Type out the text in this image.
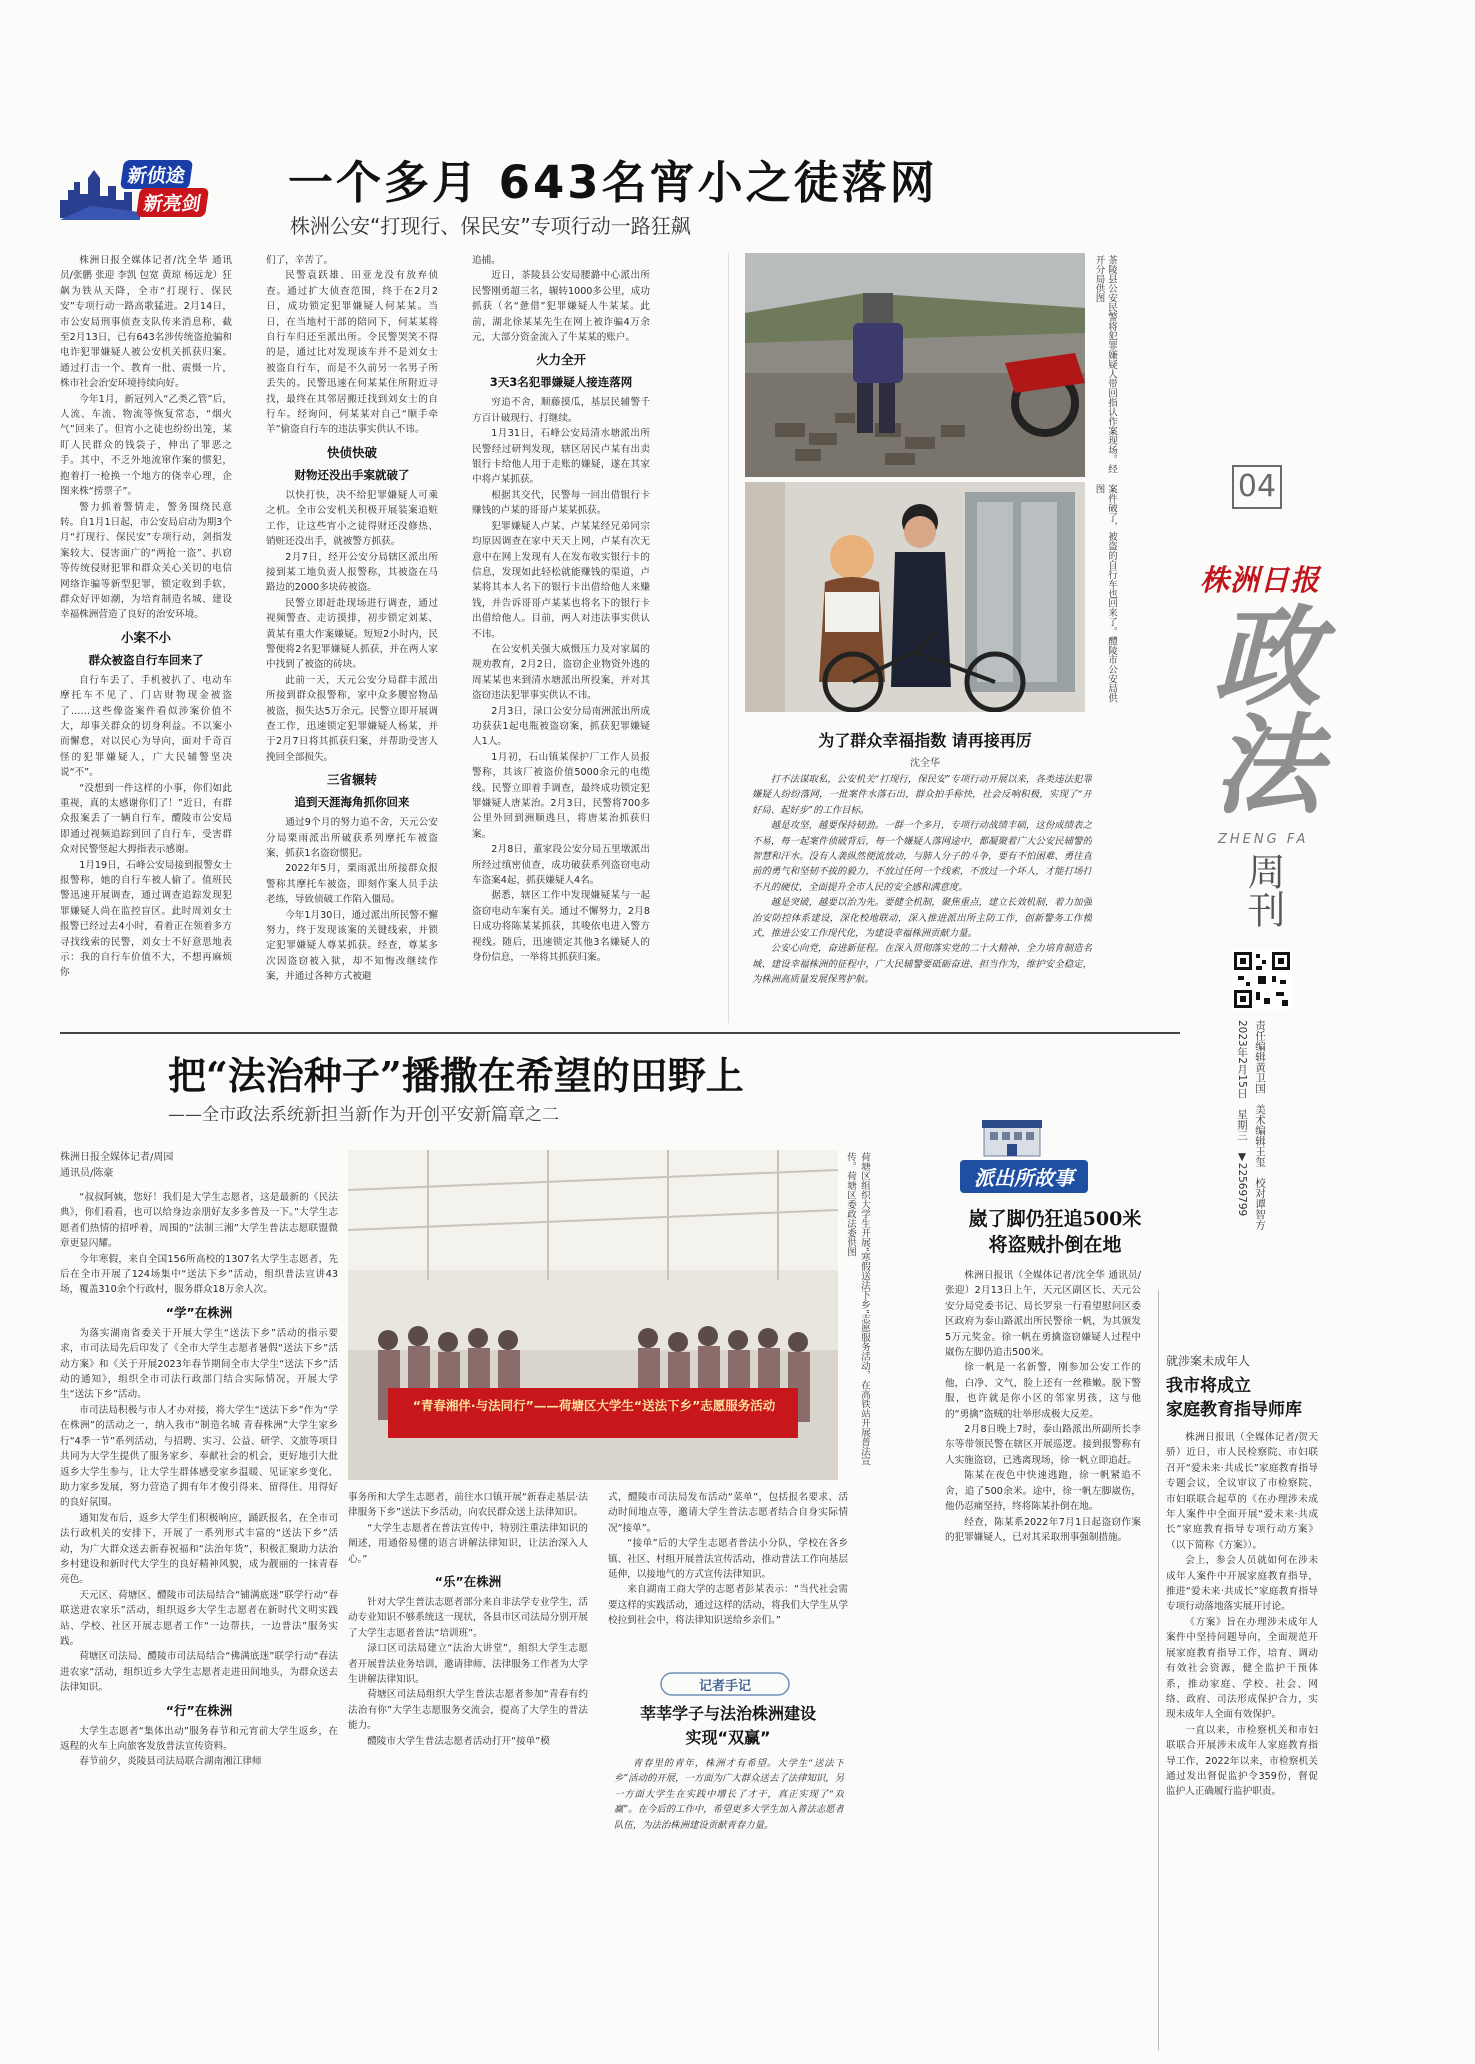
新侦途
新亮剑 一个多月 643名宵小之徒落网
株洲公安“打现行、保民安”专项行动一路狂飙

株洲日报全媒体记者/沈全华 通讯员/张鹏 张迎 李凯 包宽 黄琼 杨远龙）狂飙为铁从天降，全市“打现行、保民安”专项行动一路高歌猛进。2月14日，市公安局刑事侦查支队传来消息称，截至2月13日，已有643名涉传统盗抢骗和电诈犯罪嫌疑人被公安机关抓获归案。通过打击一个、教育一批、震慑一片，株市社会治安环境持续向好。

今年1月，新冠列入“乙类乙管”后，人流、车流、物流等恢复常态，“烟火气”回来了。但宵小之徒也纷纷出笼，某盯人民群众的钱袋子，伸出了罪恶之手。其中，不乏外地流窜作案的惯犯，抱着打一枪换一个地方的侥幸心理，企图来株“捞票子”。

警力抓着警情走，警务围绕民意转。自1月1日起，市公安局启动为期3个月“打现行、保民安”专项行动，剑指发案较大、侵害面广的“两抢一盗”、扒窃等传统侵财犯罪和群众关心关切的电信网络诈骗等新型犯罪，锁定收到手软，群众好评如潮，为培育制造名城、建设幸福株洲营造了良好的治安环境。

小案不小
群众被盗自行车回来了

自行车丢了、手机被扒了、电动车摩托车不见了、门店财物现金被盗了……这些像盗案件看似涉案价值不大，却事关群众的切身利益。不以案小而懈怠，对以民心为导向，面对千奇百怪的犯罪嫌疑人，广大民辅警坚决说“不”。

“没想到一件这样的小事，你们如此重视，真的太感谢你们了！”近日，有群众报案丢了一辆自行车，醴陵市公安局即通过视频追踪到回了自行车，受害群众对民警竖起大拇指表示感谢。

1月19日，石峰公安局接到报警女士报警称，她的自行车被人偷了。值班民警迅速开展调查，通过调查追踪发现犯罪嫌疑人尚在监控盲区。此时周刘女士报警已经过去4小时，看着正在领着多方寻找线索的民警，刘女士不好意思地表示：我的自行车价值不大，不想再麻烦你

们了，辛苦了。

民警袁跃雄、田亚龙没有放弃侦查。通过扩大侦查范围，终于在2月2日，成功锁定犯罪嫌疑人何某某。当日，在当地村干部的陪同下，何某某将自行车归还至派出所。令民警哭笑不得的是，通过比对发现该车并不是刘女士被盗自行车，而是不久前另一名男子所丢失的。民警迅速在何某某住所附近寻找，最终在其邻居搬迁找到刘女士的自行车。经询问，何某某对自己“顺手牵羊”偷盗自行车的违法事实供认不讳。

快侦快破
财物还没出手案就破了

以快打快，决不给犯罪嫌疑人可乘之机。全市公安机关积极开展装案追赃工作，让这些宵小之徒得财还没修热、销赃还没出手，就被警方抓获。

2月7日，经开公安分局辖区派出所接到某工地负责人报警称，其被盗在马路边的2000多块砖被盗。

民警立即赶赴现场进行调查，通过视频警查、走访摸排，初步锁定刘某、黄某有重大作案嫌疑。短短2小时内，民警便将2名犯罪嫌疑人抓获，并在两人家中找到了被盗的砖块。

此前一天，天元公安分局群丰派出所接到群众报警称，家中众多腰窑物品被盗，损失达5万余元。民警立即开展调查工作，迅速锁定犯罪嫌疑人杨某，并于2月7日将其抓获归案，并帮助受害人挽回全部损失。

三省辗转
追到天涯海角抓你回来

通过9个月的努力追不舍，天元公安分局栗雨派出所破获系列摩托车被盗案，抓获1名盗窃惯犯。

2022年5月，栗雨派出所接群众报警称其摩托车被盗，即刻作案人员手法老练，导致侦破工作陷入僵局。

今年1月30日，通过派出所民警不懈努力，终于发现该案的关键线索，并锁定犯罪嫌疑人尊某抓获。经查，尊某多次因盗窃被入狱，却不知悔改继续作案，并通过各种方式被避

追捕。

近日，茶陵县公安局腰潞中心派出所民警刚勇超三名，辗转1000多公里，成功抓获（名“惫借”犯罪嫌疑人牛某某。此前，湖北徐某某先生在网上被诈骗4万余元，大部分资金流入了牛某某的账户。

火力全开
3天3名犯罪嫌疑人接连落网

穷追不舍，顺藤摸瓜，基层民辅警千方百计破现行、打继续。

1月31日，石峰公安局清水塘派出所民警经过研判发现，辖区居民卢某有出卖银行卡给他人用于走账的嫌疑，遂在其家中将卢某抓获。

根据其交代，民警每一回出借银行卡赚钱的卢某的哥哥卢某某抓获。

犯罪嫌疑人卢某、卢某某经兄弟同宗均原因调查在家中天天上网，卢某有次无意中在网上发现有人在发布收实银行卡的信息，发现如此轻松就能赚钱的渠道，卢某将其本人名下的银行卡出借给他人来赚钱，并告诉哥哥卢某某也将名下的银行卡出借给他人。目前，两人对违法事实供认不讳。

在公安机关强大威慑压力及对家属的规劝教育，2月2日，盗窃企业物资外逃的周某某也来到清水塘派出所投案，并对其盗窃违法犯罪事实供认不讳。

2月3日，渌口公安分局南洲派出所成功获获1起电瓶被盗窃案，抓获犯罪嫌疑人1人。

1月初，石山镇某保护厂工作人员报警称，其该厂被盗价值5000余元的电缆线。民警立即着手调查，最终成功锁定犯罪嫌疑人唐某治。2月3日，民警将700多公里外回到洲顺逃旦，将唐某治抓获归案。

2月8日，董家段公安分局五里墩派出所经过缜密侦查，成功破获系列盗窃电动车盗案4起，抓获嫌疑人4名。

据悉，辖区工作中发现嫌疑某与一起盗窃电动车案有关。通过不懈努力，2月8日成功将陈某某抓获，其唆依电进入警方视线。随后，迅速锁定其他3名嫌疑人的身份信息，一举将其抓获归案。

茶陵县公安民警将犯罪嫌疑人带回指认作案现场。经开分局供图
案件破了，被盗的自行车也回来了。醴陵市公安局供图
为了群众幸福指数 请再接再厉
沈全华

打不法谋取私，公安机关“打现行，保民安”专项行动开展以来，各类违法犯罪嫌疑人纷纷落网，一批案件水落石出，群众拍手称快，社会反响积极，实现了“开好局、起好步”的工作目标。

越是攻坚，越要保持韧劲。一群一个多月，专项行动战绩丰硕，这份成绩表之不易，每一起案件侦破背后，每一个嫌疑人落网途中，都凝聚着广大公安民辅警的智慧和汗水。没有人袭纵然便流放动，与肺人分子的斗争，要有不怕困难、勇往直前的勇气和坚韧不拔的毅力，不放过任何一个线索，不放过一个坏人，才能打场打不凡的硬仗，全面提升全市人民的安全感和满意度。

越是突破，越要以治为先。要健全机制，聚焦重点，建立长效机制，着力加强治安防控体系建设，深化校地联动，深入推进派出所主防工作，创新警务工作模式，推进公安工作现代化，为建设幸福株洲贡献力量。

公安心向党，奋进新征程。在深入贯彻落实党的二十大精神、全力培育制造名城、建设幸福株洲的征程中，广大民辅警要砥砺奋进、担当作为，维护安全稳定，为株洲高质量发展保驾护航。

04
株洲日报
政法
ZHENG FA
周刊
责任编辑黄卫国　美术编辑王玺　校对谭智方
2023年2月15日　星期三　▼22569799
把“法治种子”播撒在希望的田野上
——全市政法系统新担当新作为开创平安新篇章之二
株洲日报全媒体记者/周园
通讯员/陈豪

“叔叔阿姨，您好！我们是大学生志愿者，这是最新的《民法典》，你们看看，也可以给身边亲朋好友多多普及一下。”大学生志愿者们热情的招呼着，周围的“法制三湘”大学生普法志愿联盟微章更显闪耀。

今年寒假，来自全国156所高校的1307名大学生志愿者，先后在全市开展了124场集中“送法下乡”活动，组织普法宣讲43场，覆盖310余个行政村，服务群众18万余人次。

“学”在株洲

为落实湖南省委关于开展大学生“送法下乡”活动的指示要求，市司法局先后印发了《全市大学生志愿者暑假“送法下乡”活动方案》和《关于开展2023年春节期间全市大学生“送法下乡”活动的通知》，组织全市司法行政部门结合实际情况，开展大学生“送法下乡”活动。

市司法局积极与市人才办对接，将大学生“送法下乡”作为“学在株洲”的活动之一，纳入我市“制造名城 青春株洲”大学生家乡行“4季一节”系列活动，与招聘、实习、公益、研学、文旅等项目共同为大学生提供了服务家乡、奉献社会的机会，更好地引大批返乡大学生参与，让大学生群体感受家乡温暖、见证家乡变化、助力家乡发展，努力营造了拥有年才俊引得来、留得住、用得好的良好氛围。

通知发布后，返乡大学生们积极响应，踊跃报名，在全市司法行政机关的安排下，开展了一系列形式丰富的“送法下乡”活动，为广大群众送去新春祝福和“法治年货”，积极汇聚助力法治乡村建设和新时代大学生的良好精神风貌，成为靓丽的一抹青春亮色。

天元区、荷塘区、醴陵市司法局结合“铺满底迷”联学行动“春联送进农家乐”活动，组织返乡大学生志愿者在新时代文明实践站、学校、社区开展志愿者工作“一边帮扶，一边普法”服务实践。

荷塘区司法局、醴陵市司法局结合“佛满底迷”联学行动“春法进农家”活动，组织近乡大学生志愿者走进田间地头，为群众送去法律知识。

“行”在株洲

大学生志愿者“集体出动”服务春节和元宵前大学生返乡，在返程的火车上向旅客发放普法宣传资料。

春节前夕，炎陵县司法局联合湖南湘江律师

“青春湘伴·与法同行”——荷塘区大学生“送法下乡”志愿服务活动	荷塘区组织大学生开展“寒假送法下乡”志愿服务活动，在高铁站开展普法宣传。荷塘区委政法委供图

事务所和大学生志愿者，前往水口镇开展“新春走基层·法律服务下乡”送法下乡活动，向农民群众送上法律知识。

“大学生志愿者在普法宣传中，特别注重法律知识的阐述，用通俗易懂的语言讲解法律知识，让法治深入人心。”

“乐”在株洲

针对大学生普法志愿者部分来自非法学专业学生，活动专业知识不够系统这一现状，各县市区司法局分别开展了大学生志愿者普法“培训班”。

渌口区司法局建立“法治大讲堂”，组织大学生志愿者开展普法业务培训，邀请律师、法律服务工作者为大学生讲解法律知识。

荷塘区司法局组织大学生普法志愿者参加“青春有约法治有你”大学生志愿服务交流会，提高了大学生的普法能力。

醴陵市大学生普法志愿者活动打开“接单”模

式，醴陵市司法局发布活动“菜单”，包括报名要求、活动时间地点等，邀请大学生普法志愿者结合自身实际情况“接单”。

“接单”后的大学生志愿者普法小分队，学校在各乡镇、社区、村组开展普法宣传活动，推动普法工作向基层延伸，以接地气的方式宣传法律知识。

来自湖南工商大学的志愿者彭某表示：“当代社会需要这样的实践活动，通过这样的活动，将我们大学生从学校拉到社会中，将法律知识送给乡亲们。”

记者手记
莘莘学子与法治株洲建设
实现“双赢”

青春里的青年，株洲才有希望。大学生“送法下乡”活动的开展，一方面为广大群众送去了法律知识，另一方面大学生在实践中增长了才干，真正实现了“双赢”。在今后的工作中，希望更多大学生加入普法志愿者队伍，为法治株洲建设贡献青春力量。

派出所故事
崴了脚仍狂追500米
将盗贼扑倒在地

株洲日报讯（全媒体记者/沈全华 通讯员/张迎）2月13日上午，天元区副区长、天元公安分局党委书记、局长罗泉一行看望慰问区委区政府为泰山路派出所民警徐一帆，为其颁发5万元奖金。徐一帆在勇擒盗窃嫌疑人过程中崴伤左脚仍追击500米。

徐一帆是一名新警，刚参加公安工作的他，白净、文气，脸上还有一丝稚嫩。脱下警服，也许就是你小区的邻家男孩，这与他的“勇擒”盗贼的壮举形成极大反差。

2月8日晚上7时，泰山路派出所副所长李东等带领民警在辖区开展巡逻。接到报警称有人实施盗窃，已逃离现场，徐一帆立即追赶。

陈某在夜色中快速逃跑，徐一帆紧追不舍，追了500余米。途中，徐一帆左脚崴伤，他仍忍痛坚持，终将陈某扑倒在地。

经查，陈某系2022年7月1日起盗窃作案的犯罪嫌疑人，已对其采取刑事强制措施。

就涉案未成年人
我市将成立
家庭教育指导师库

株洲日报讯（全媒体记者/贺天骄）近日，市人民检察院、市妇联召开“爱未来·共成长”家庭教育指导专题会议，全议审议了市检察院、市妇联联合起草的《在办理涉未成年人案件中全面开展“爱未来·共成长”家庭教育指导专项行动方案》（以下简称《方案》）。

会上，参会人员就如何在涉未成年人案件中开展家庭教育指导，推进“爱未来·共成长”家庭教育指导专项行动落地落实展开讨论。

《方案》旨在办理涉未成年人案件中坚持问题导向，全面规范开展家庭教育指导工作，培育、调动有效社会资源，健全监护干预体系，推动家庭、学校、社会、网络、政府、司法形成保护合力，实现未成年人全面有效保护。

一直以来，市检察机关和市妇联联合开展涉未成年人家庭教育指导工作，2022年以来，市检察机关通过发出督促监护令359份，督促监护人正确履行监护职责。
